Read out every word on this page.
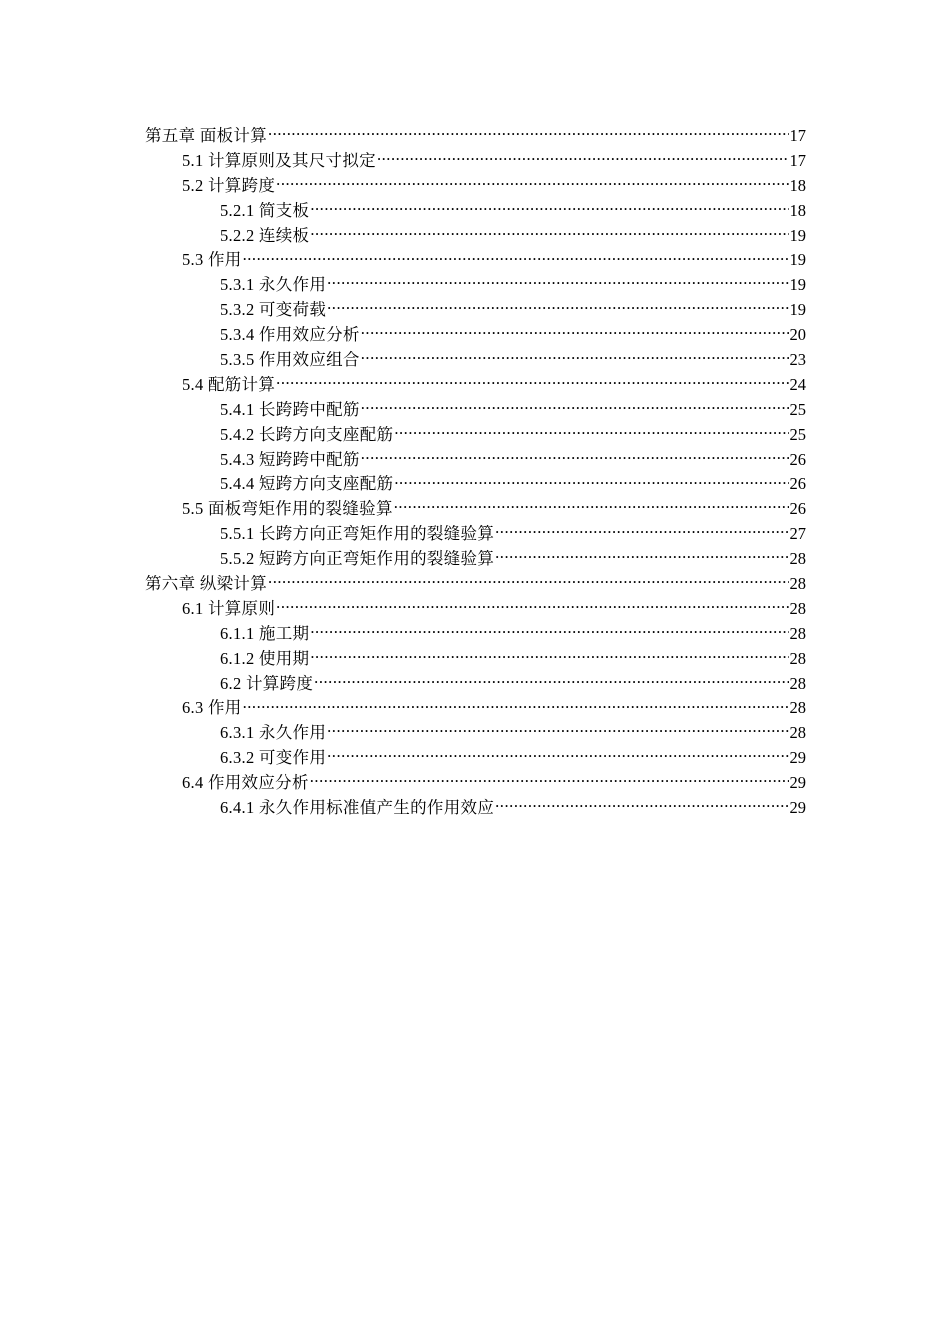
第五章 面板计算 .....	17
5.1 计算原则及其尺寸拟定 .....	17
5.2 计算跨度 .....	18
5.2.1 简支板 .....	18
5.2.2 连续板 .....	19
5.3 作用 .....	19
5.3.1 永久作用 .....	19
5.3.2 可变荷载 .....	19
5.3.4 作用效应分析 .....	20
5.3.5 作用效应组合 .....	23
5.4 配筋计算 .....	24
5.4.1 长跨跨中配筋 .....	25
5.4.2 长跨方向支座配筋 .....	25
5.4.3 短跨跨中配筋 .....	26
5.4.4 短跨方向支座配筋 .....	26
5.5 面板弯矩作用的裂缝验算 .....	26
5.5.1 长跨方向正弯矩作用的裂缝验算 .....	27
5.5.2 短跨方向正弯矩作用的裂缝验算 .....	28
第六章 纵梁计算 .....	28
6.1 计算原则 .....	28
6.1.1 施工期 .....	28
6.1.2 使用期 .....	28
6.2 计算跨度 .....	28
6.3 作用 .....	28
6.3.1 永久作用 .....	28
6.3.2 可变作用 .....	29
6.4 作用效应分析 .....	29
6.4.1 永久作用标准值产生的作用效应 .....	29
